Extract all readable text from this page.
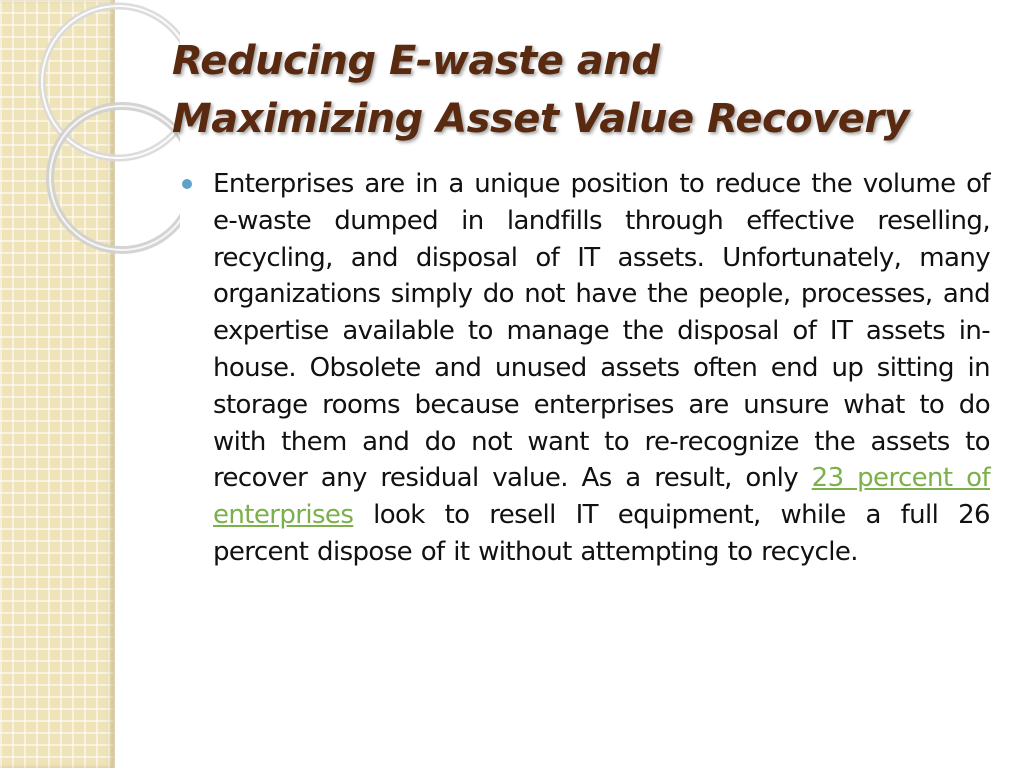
Reducing E-waste and
Maximizing Asset Value Recovery

Enterprises are in a unique position to reduce the volume of e-waste dumped in landfills through effective reselling, recycling, and disposal of IT assets. Unfortunately, many organizations simply do not have the people, processes, and expertise available to manage the disposal of IT assets in-house. Obsolete and unused assets often end up sitting in storage rooms because enterprises are unsure what to do with them and do not want to re-recognize the assets to recover any residual value. As a result, only 23 percent of enterprises look to resell IT equipment, while a full 26 percent dispose of it without attempting to recycle.
